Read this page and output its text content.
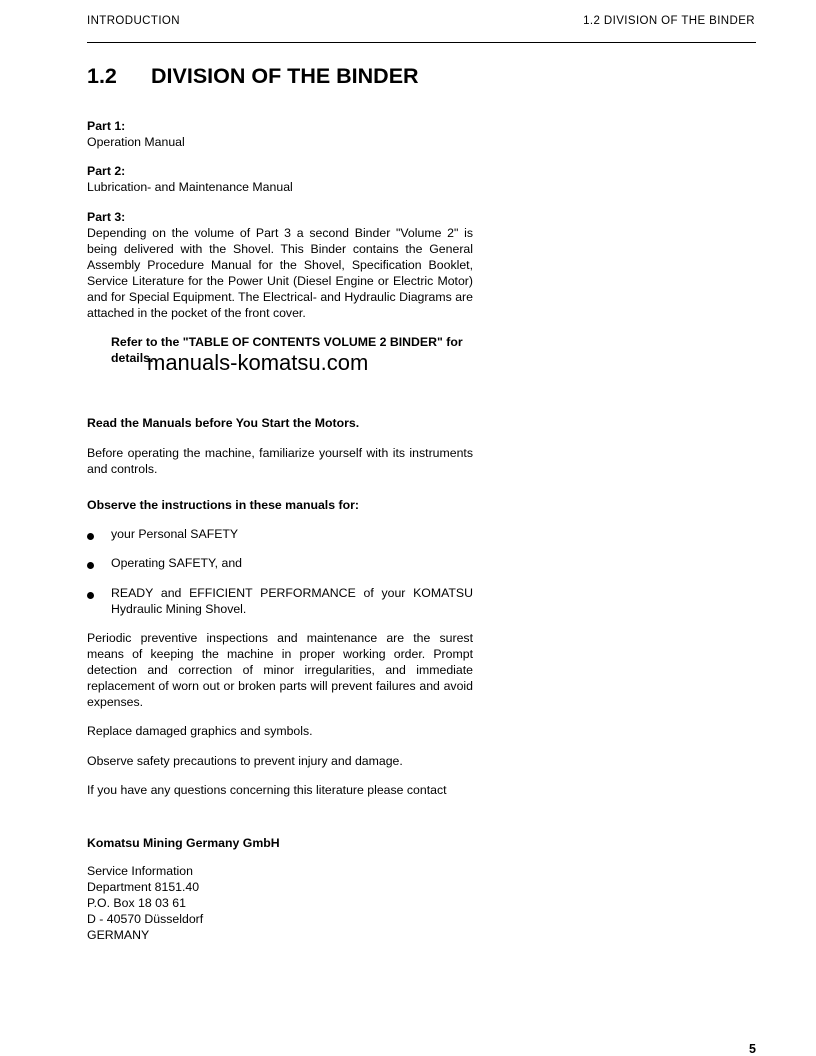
INTRODUCTION	1.2 DIVISION OF THE BINDER
1.2 DIVISION OF THE BINDER

Part 1:

Operation Manual

Part 2:

Lubrication- and Maintenance Manual

Part 3:

Depending on the volume of Part 3 a second Binder "Volume 2" is being delivered with the Shovel. This Binder contains the General Assembly Procedure Manual for the Shovel, Specification Booklet, Service Literature for the Power Unit (Diesel Engine or Electric Motor) and for Special Equipment. The Electrical- and Hydraulic Diagrams are attached in the pocket of the front cover.

Refer to the "TABLE OF CONTENTS VOLUME 2 BINDER" for details.
manuals-komatsu.com
Read the Manuals before You Start the Motors.
Before operating the machine, familiarize yourself with its instruments and controls.
Observe the instructions in these manuals for:
your Personal SAFETY
Operating SAFETY, and
READY and EFFICIENT PERFORMANCE of your KOMATSU Hydraulic Mining Shovel.
Periodic preventive inspections and maintenance are the surest means of keeping the machine in proper working order. Prompt detection and correction of minor irregularities, and immediate replacement of worn out or broken parts will prevent failures and avoid expenses.
Replace damaged graphics and symbols.
Observe safety precautions to prevent injury and damage.
If you have any questions concerning this literature please contact
Komatsu Mining Germany GmbH

Service Information

Department 8151.40

P.O. Box 18 03 61

D - 40570 Düsseldorf

GERMANY

5
